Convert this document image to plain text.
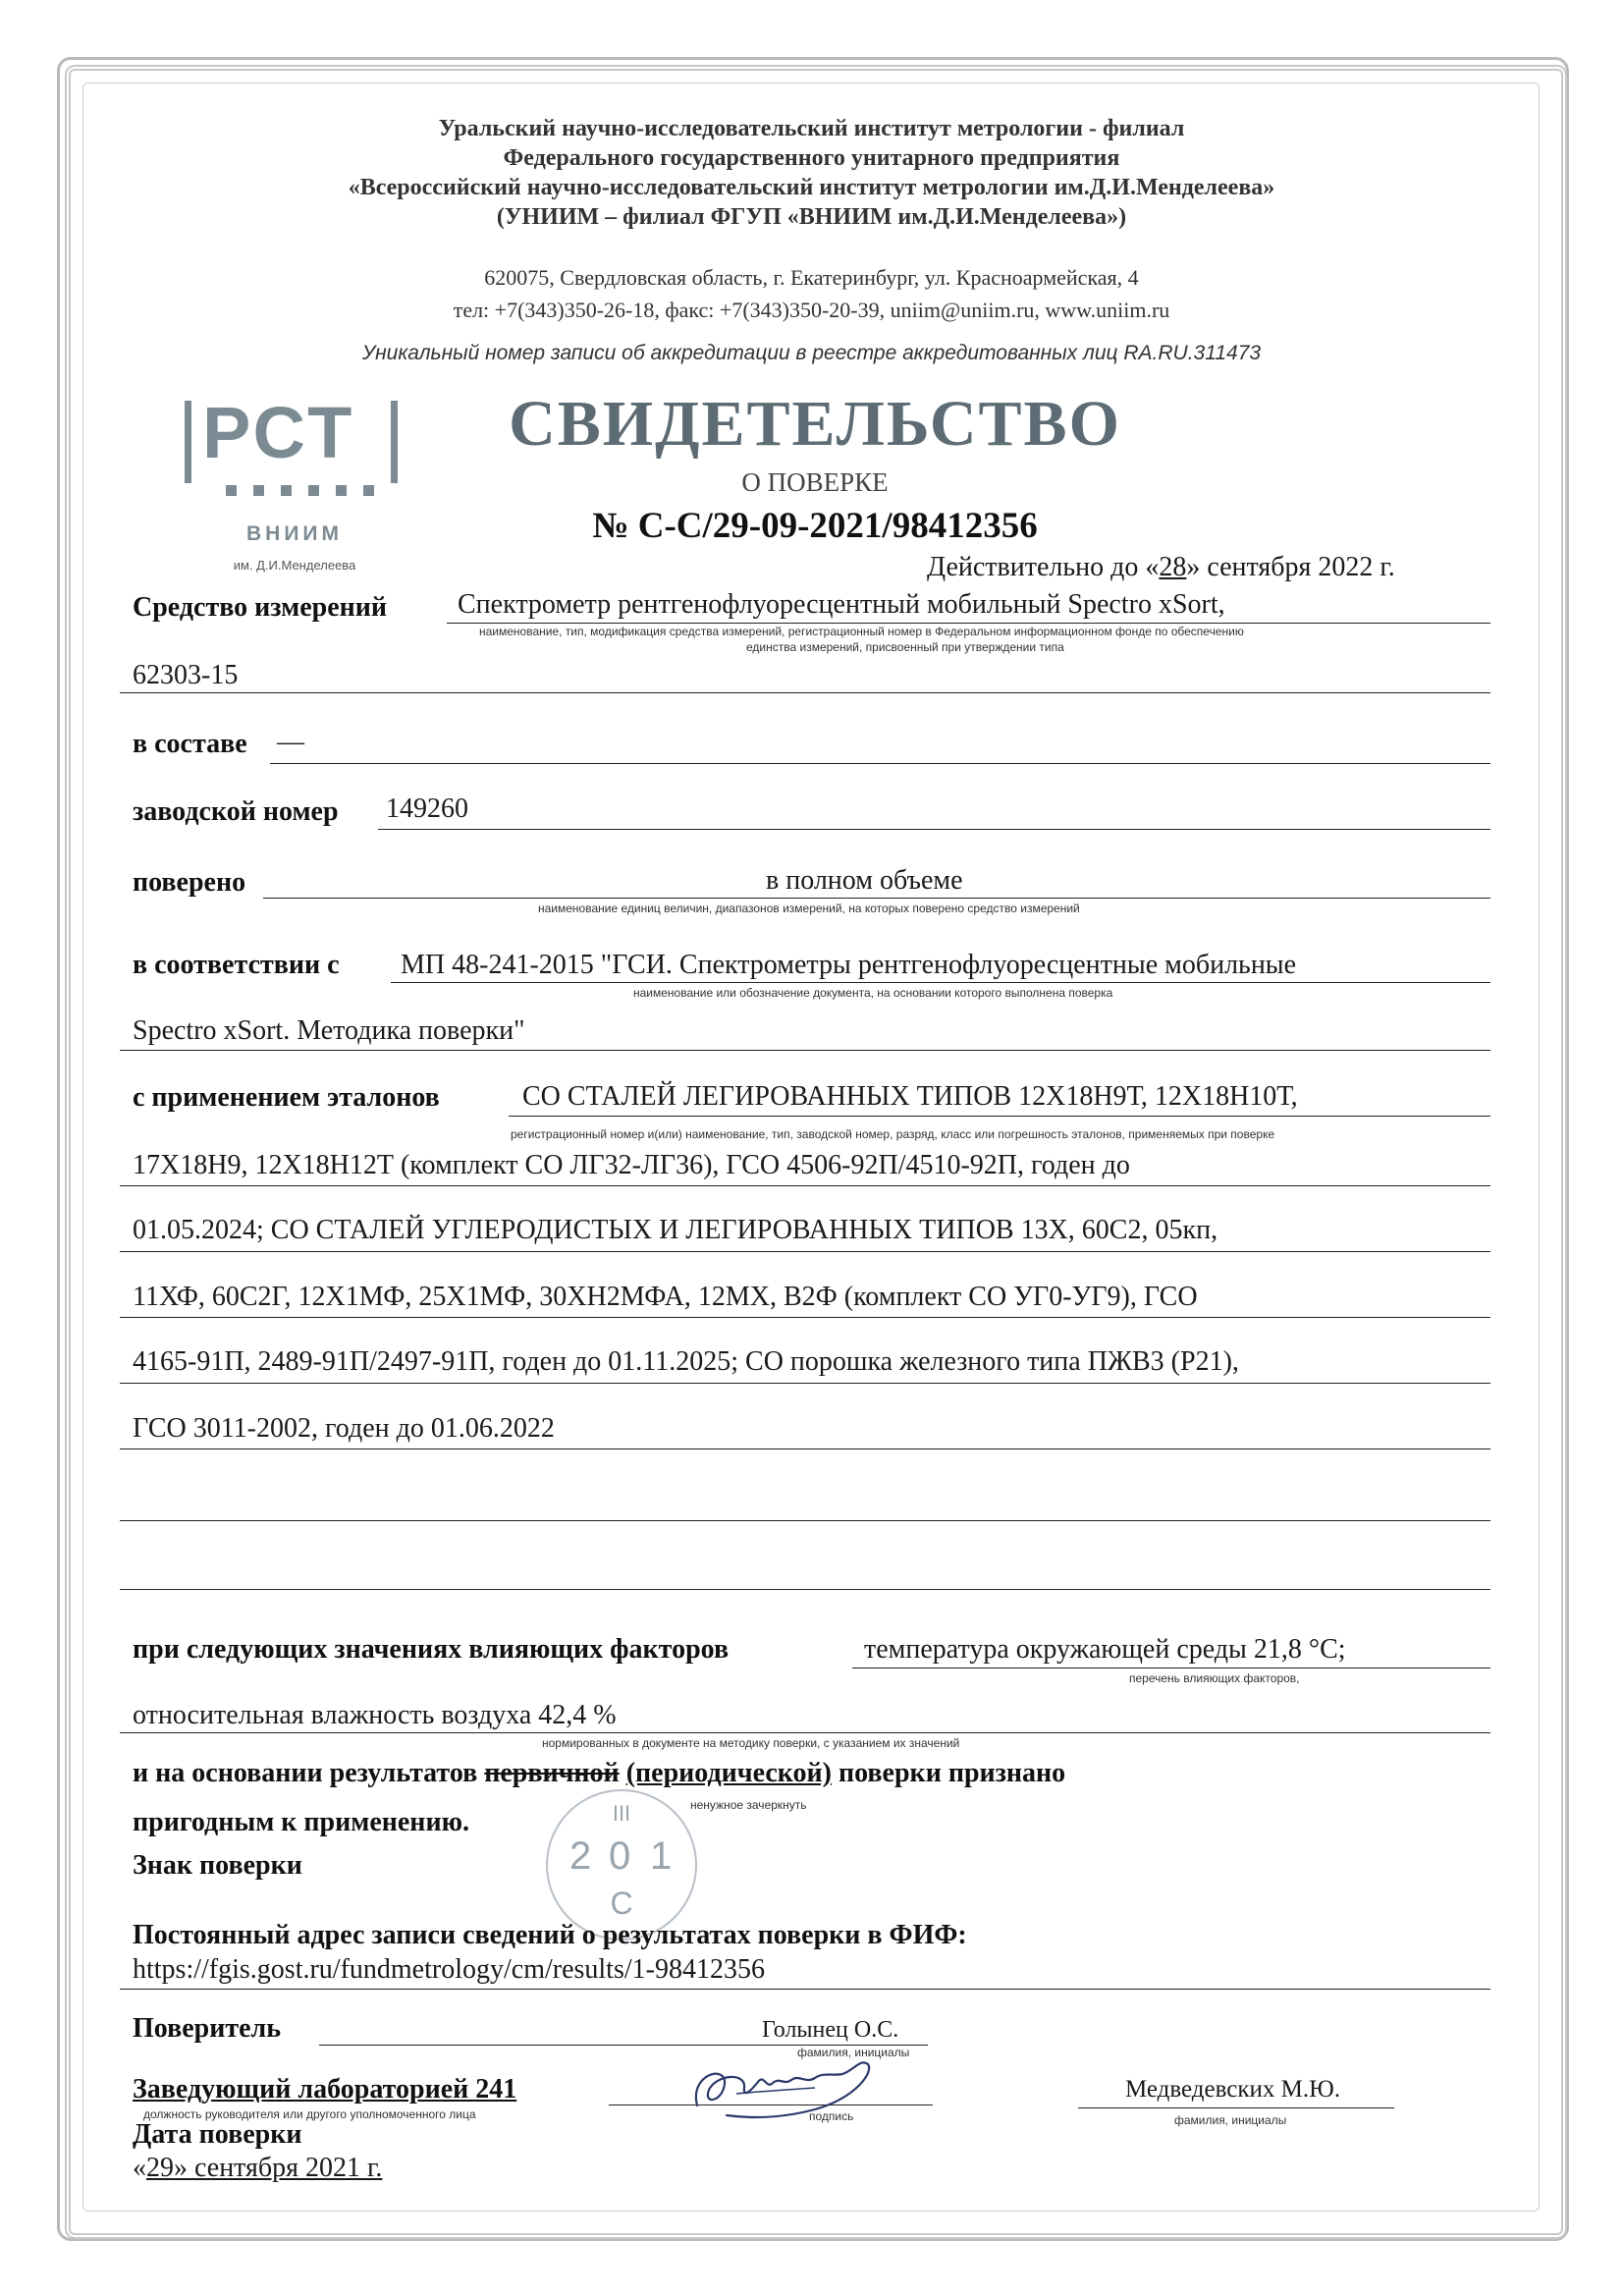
Уральский научно-исследовательский институт метрологии - филиал
Федерального государственного унитарного предприятия
«Всероссийский научно-исследовательский институт метрологии им.Д.И.Менделеева»
(УНИИМ – филиал ФГУП «ВНИИМ им.Д.И.Менделеева»)
620075, Свердловская область, г. Екатеринбург, ул. Красноармейская, 4
тел: +7(343)350-26-18, факс: +7(343)350-20-39, uniim@uniim.ru, www.uniim.ru
Уникальный номер записи об аккредитации в реестре аккредитованных лиц RA.RU.311473
РСТ
ВНИИМ
им. Д.И.Менделеева
СВИДЕТЕЛЬСТВО
О ПОВЕРКЕ
№ С-С/29-09-2021/98412356
Действительно до «28» сентября 2022 г.
Средство измерений	Спектрометр рентгенофлуоресцентный мобильный Spectro xSort,
наименование, тип, модификация средства измерений, регистрационный номер в Федеральном информационном фонде по обеспечению
единства измерений, присвоенный при утверждении типа
62303-15
в составе —
заводской номер 149260
поверено	в полном объеме
наименование единиц величин, диапазонов измерений, на которых поверено средство измерений
в соответствии с МП 48-241-2015 "ГСИ. Спектрометры рентгенофлуоресцентные мобильные
наименование или обозначение документа, на основании которого выполнена поверка
Spectro xSort. Методика поверки"
с применением эталонов	СО СТАЛЕЙ ЛЕГИРОВАННЫХ ТИПОВ 12Х18Н9Т, 12Х18Н10Т,
регистрационный номер и(или) наименование, тип, заводской номер, разряд, класс или погрешность эталонов, применяемых при поверке
17Х18Н9, 12Х18Н12Т (комплект СО ЛГ32-ЛГ36), ГСО 4506-92П/4510-92П, годен до
01.05.2024; СО СТАЛЕЙ УГЛЕРОДИСТЫХ И ЛЕГИРОВАННЫХ ТИПОВ 13Х, 60С2, 05кп,
11ХФ, 60С2Г, 12Х1МФ, 25Х1МФ, 30ХН2МФА, 12МХ, В2Ф (комплект СО УГ0-УГ9), ГСО
4165-91П, 2489-91П/2497-91П, годен до 01.11.2025; СО порошка железного типа ПЖВ3 (Р21),
ГСО 3011-2002, годен до 01.06.2022
при следующих значениях влияющих факторов	температура окружающей среды 21,8 °С;
перечень влияющих факторов,
относительная влажность воздуха 42,4 %
нормированных в документе на методику поверки, с указанием их значений
и на основании результатов первичной (периодической) поверки признано
ненужное зачеркнуть
пригодным к применению.
Знак поверки
III
2 0 1
С
Постоянный адрес записи сведений о результатах поверки в ФИФ:
https://fgis.gost.ru/fundmetrology/cm/results/1-98412356
Поверитель	Голынец О.С.
фамилия, инициалы
Заведующий лабораторией 241
должность руководителя или другого уполномоченного лица	подпись
Медведевских М.Ю.
фамилия, инициалы
Дата поверки
«29» сентября 2021 г.
